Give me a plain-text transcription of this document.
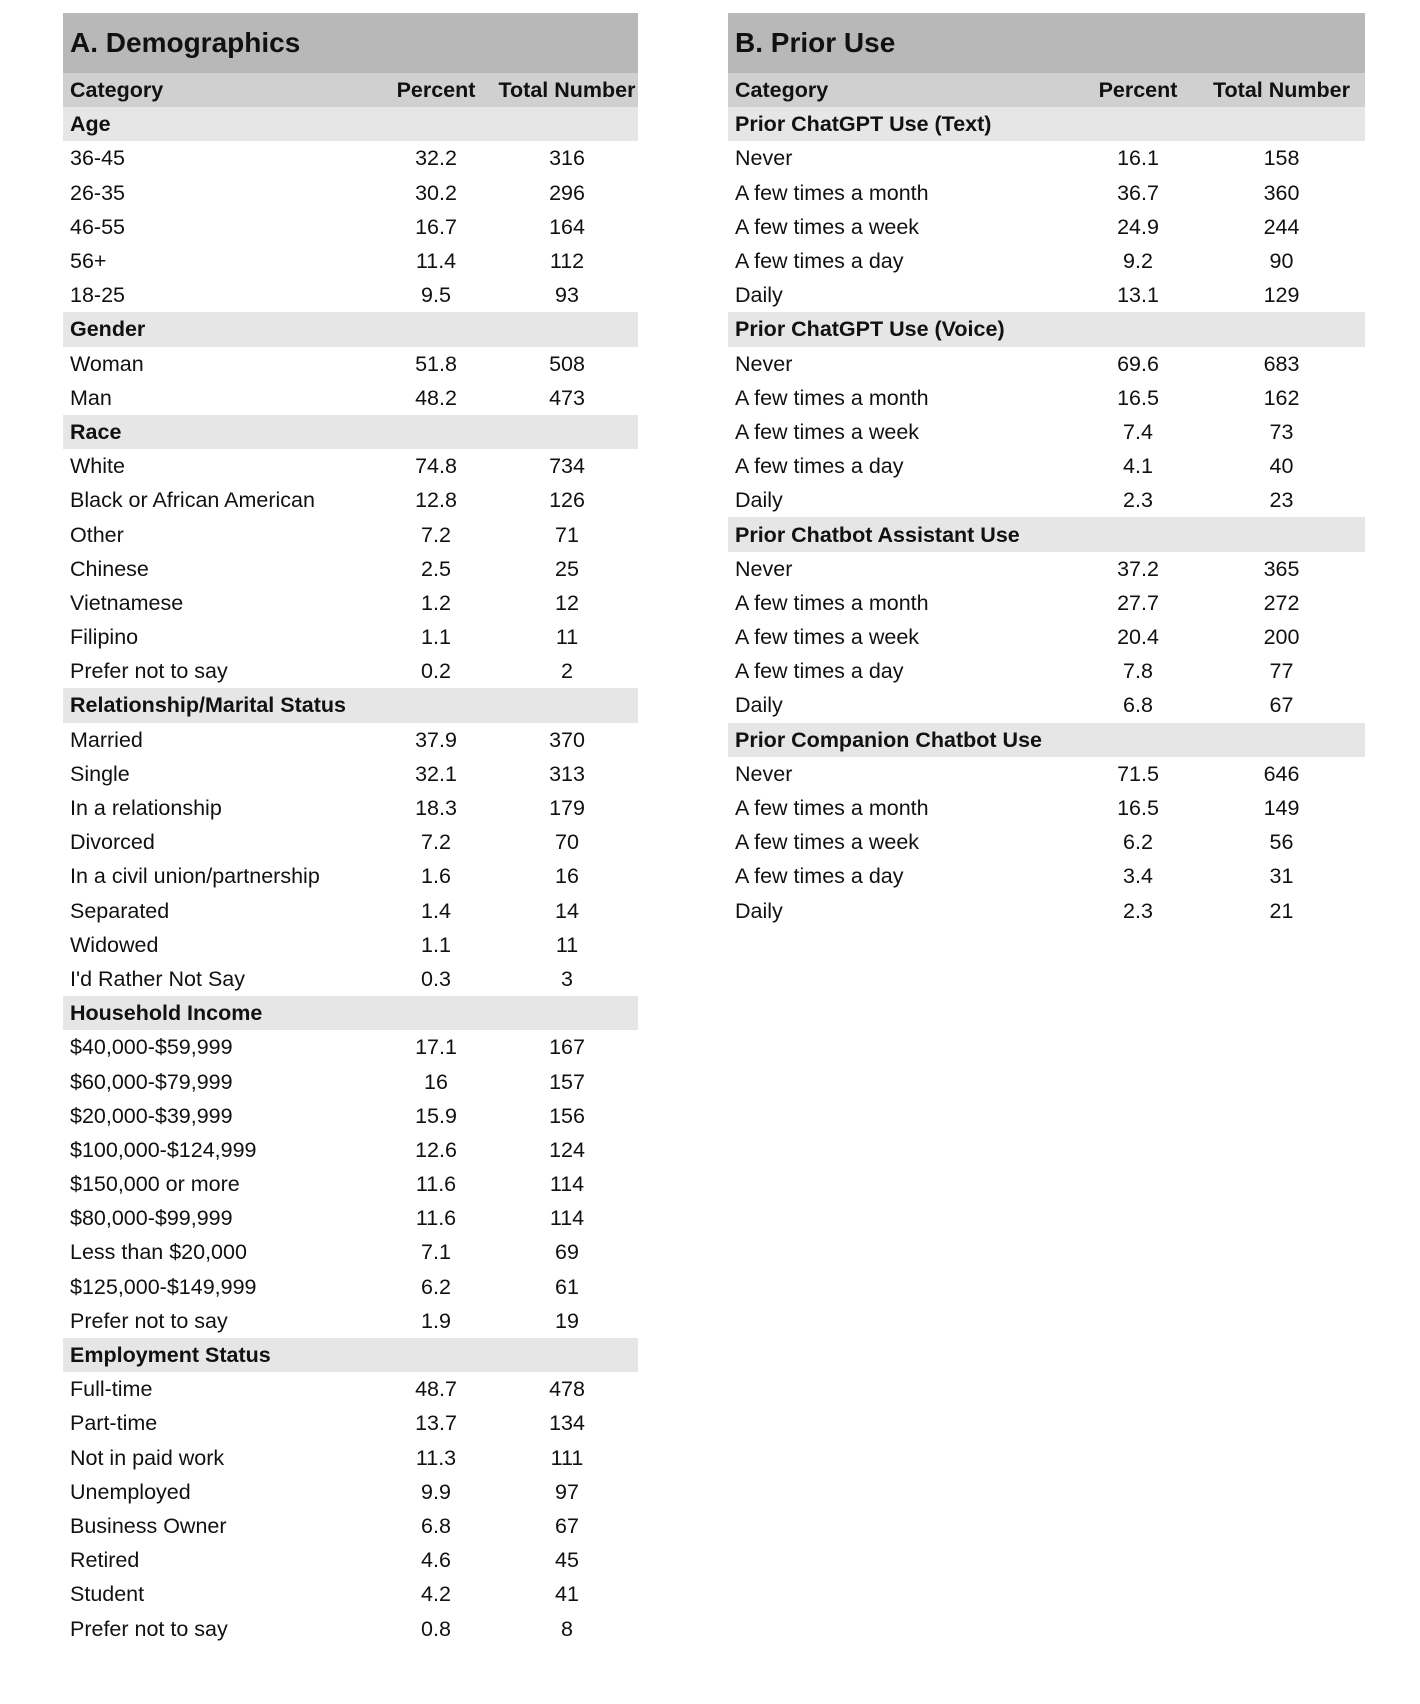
A. Demographics
Category	Percent	Total Number
Age		
36-45	32.2	316
26-35	30.2	296
46-55	16.7	164
56+	11.4	112
18-25	9.5	93
Gender		
Woman	51.8	508
Man	48.2	473
Race		
White	74.8	734
Black or African American	12.8	126
Other	7.2	71
Chinese	2.5	25
Vietnamese	1.2	12
Filipino	1.1	11
Prefer not to say	0.2	2
Relationship/Marital Status		
Married	37.9	370
Single	32.1	313
In a relationship	18.3	179
Divorced	7.2	70
In a civil union/partnership	1.6	16
Separated	1.4	14
Widowed	1.1	11
I'd Rather Not Say	0.3	3
Household Income		
$40,000-$59,999	17.1	167
$60,000-$79,999	16	157
$20,000-$39,999	15.9	156
$100,000-$124,999	12.6	124
$150,000 or more	11.6	114
$80,000-$99,999	11.6	114
Less than $20,000	7.1	69
$125,000-$149,999	6.2	61
Prefer not to say	1.9	19
Employment Status		
Full-time	48.7	478
Part-time	13.7	134
Not in paid work	11.3	111
Unemployed	9.9	97
Business Owner	6.8	67
Retired	4.6	45
Student	4.2	41
Prefer not to say	0.8	8
B. Prior Use
Category	Percent	Total Number
Prior ChatGPT Use (Text)		
Never	16.1	158
A few times a month	36.7	360
A few times a week	24.9	244
A few times a day	9.2	90
Daily	13.1	129
Prior ChatGPT Use (Voice)		
Never	69.6	683
A few times a month	16.5	162
A few times a week	7.4	73
A few times a day	4.1	40
Daily	2.3	23
Prior Chatbot Assistant Use		
Never	37.2	365
A few times a month	27.7	272
A few times a week	20.4	200
A few times a day	7.8	77
Daily	6.8	67
Prior Companion Chatbot Use		
Never	71.5	646
A few times a month	16.5	149
A few times a week	6.2	56
A few times a day	3.4	31
Daily	2.3	21
